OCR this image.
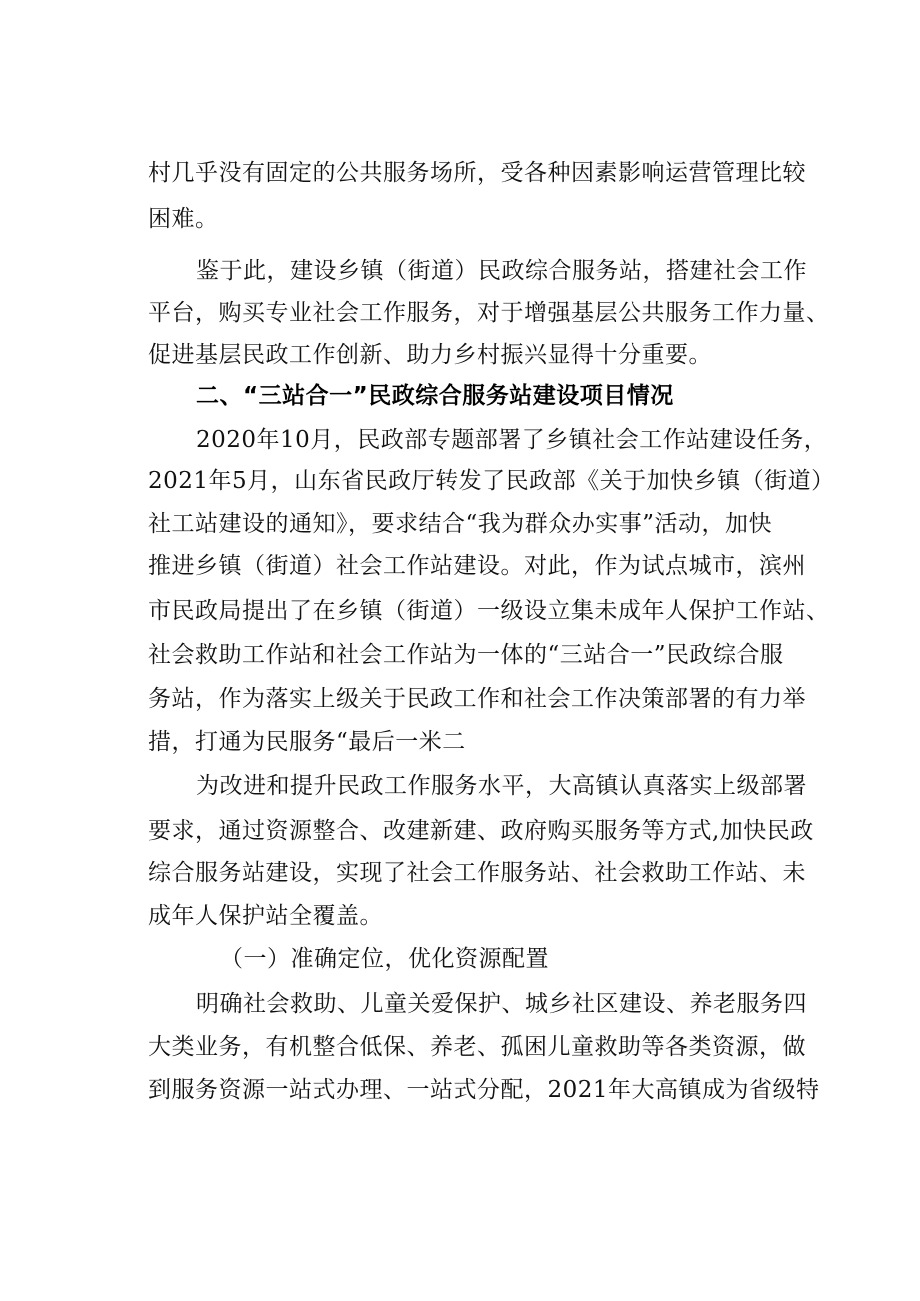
村几乎没有固定的公共服务场所，受各种因素影响运营管理比较
困难。
鉴于此，建设乡镇（街道）民政综合服务站，搭建社会工作
平台，购买专业社会工作服务，对于增强基层公共服务工作力量、
促进基层民政工作创新、助力乡村振兴显得十分重要。
二、“三站合一”民政综合服务站建设项目情况
2020年10月，民政部专题部署了乡镇社会工作站建设任务，
2021年5月，山东省民政厅转发了民政部《关于加快乡镇（街道）
社工站建设的通知》，要求结合“我为群众办实事”活动，加快
推进乡镇（街道）社会工作站建设。对此，作为试点城市，滨州
市民政局提出了在乡镇（街道）一级设立集未成年人保护工作站、
社会救助工作站和社会工作站为一体的“三站合一”民政综合服
务站，作为落实上级关于民政工作和社会工作决策部署的有力举
措，打通为民服务“最后一米二
为改进和提升民政工作服务水平，大高镇认真落实上级部署
要求，通过资源整合、改建新建、政府购买服务等方式,加快民政
综合服务站建设，实现了社会工作服务站、社会救助工作站、未
成年人保护站全覆盖。
（一）准确定位，优化资源配置
明确社会救助、儿童关爱保护、城乡社区建设、养老服务四
大类业务，有机整合低保、养老、孤困儿童救助等各类资源，做
到服务资源一站式办理、一站式分配，2021年大高镇成为省级特
